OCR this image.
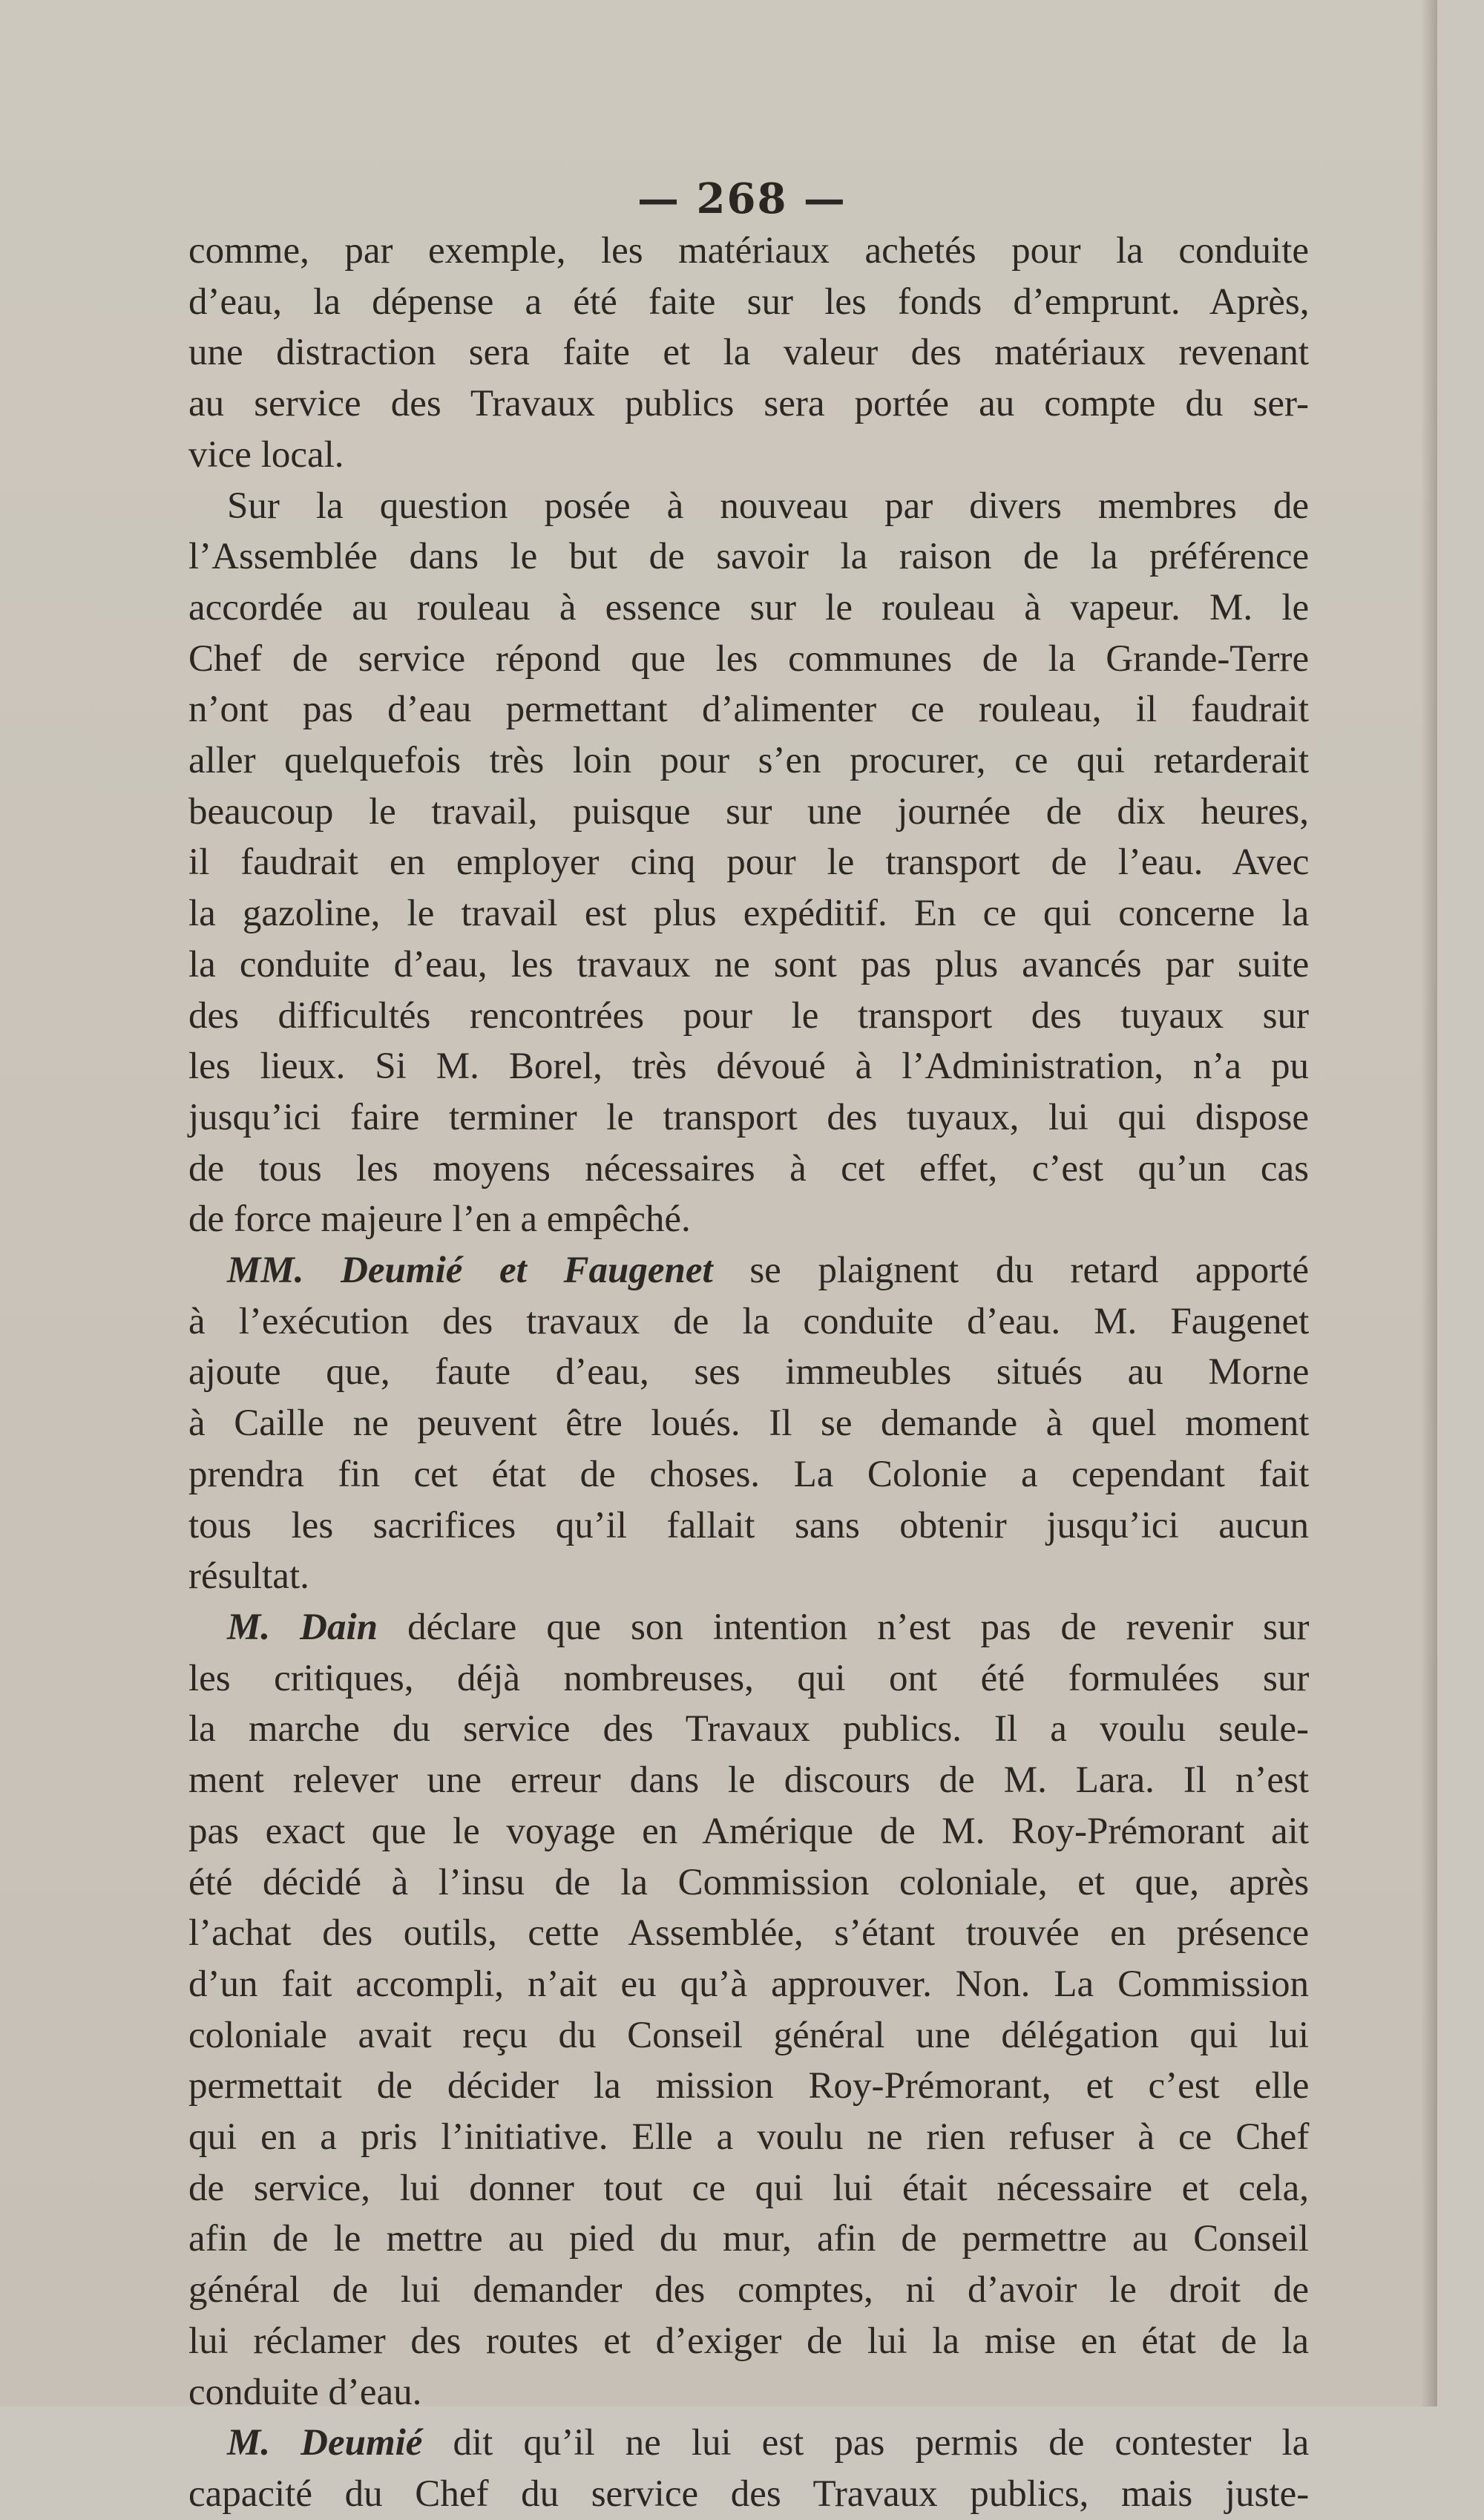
— 268 —
comme, par exemple, les matériaux achetés pour la conduite
d’eau, la dépense a été faite sur les fonds d’emprunt. Après,
une distraction sera faite et la valeur des matériaux revenant
au service des Travaux publics sera portée au compte du ser-
vice local.
Sur la question posée à nouveau par divers membres de
l’Assemblée dans le but de savoir la raison de la préférence
accordée au rouleau à essence sur le rouleau à vapeur. M. le
Chef de service répond que les communes de la Grande-Terre
n’ont pas d’eau permettant d’alimenter ce rouleau, il faudrait
aller quelquefois très loin pour s’en procurer, ce qui retarderait
beaucoup le travail, puisque sur une journée de dix heures,
il faudrait en employer cinq pour le transport de l’eau. Avec
la gazoline, le travail est plus expéditif. En ce qui concerne la
la conduite d’eau, les travaux ne sont pas plus avancés par suite
des difficultés rencontrées pour le transport des tuyaux sur
les lieux. Si M. Borel, très dévoué à l’Administration, n’a pu
jusqu’ici faire terminer le transport des tuyaux, lui qui dispose
de tous les moyens nécessaires à cet effet, c’est qu’un cas
de force majeure l’en a empêché.
MM. Deumié et Faugenet se plaignent du retard apporté
à l’exécution des travaux de la conduite d’eau. M. Faugenet
ajoute que, faute d’eau, ses immeubles situés au Morne
à Caille ne peuvent être loués. Il se demande à quel moment
prendra fin cet état de choses. La Colonie a cependant fait
tous les sacrifices qu’il fallait sans obtenir jusqu’ici aucun
résultat.
M. Dain déclare que son intention n’est pas de revenir sur
les critiques, déjà nombreuses, qui ont été formulées sur
la marche du service des Travaux publics. Il a voulu seule-
ment relever une erreur dans le discours de M. Lara. Il n’est
pas exact que le voyage en Amérique de M. Roy-Prémorant ait
été décidé à l’insu de la Commission coloniale, et que, après
l’achat des outils, cette Assemblée, s’étant trouvée en présence
d’un fait accompli, n’ait eu qu’à approuver. Non. La Commission
coloniale avait reçu du Conseil général une délégation qui lui
permettait de décider la mission Roy-Prémorant, et c’est elle
qui en a pris l’initiative. Elle a voulu ne rien refuser à ce Chef
de service, lui donner tout ce qui lui était nécessaire et cela,
afin de le mettre au pied du mur, afin de permettre au Conseil
général de lui demander des comptes, ni d’avoir le droit de
lui réclamer des routes et d’exiger de lui la mise en état de la
conduite d’eau.
M. Deumié dit qu’il ne lui est pas permis de contester la
capacité du Chef du service des Travaux publics, mais juste-
